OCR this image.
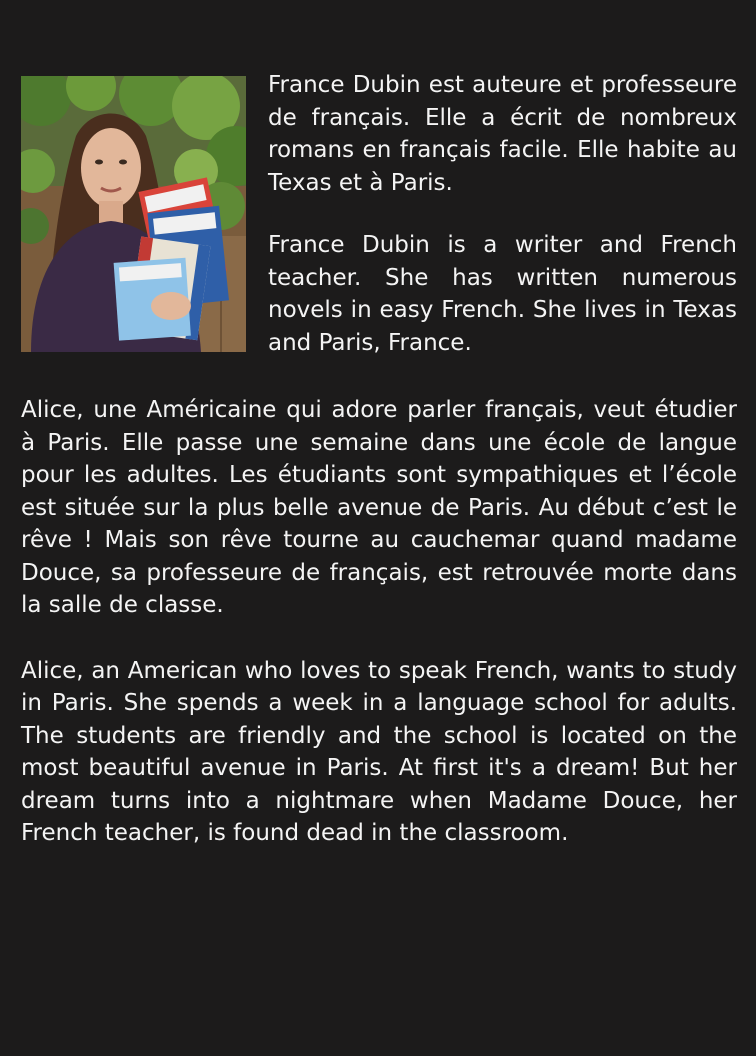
France Dubin est auteure et professeure de français. Elle a écrit de nombreux romans en français facile. Elle habite au Texas et à Paris.

France Dubin is a writer and French teacher. She has written numerous novels in easy French. She lives in Texas and Paris, France.

Alice, une Américaine qui adore parler français, veut étudier à Paris. Elle passe une semaine dans une école de langue pour les adultes. Les étudiants sont sympathiques et l’école est située sur la plus belle avenue de Paris. Au début c’est le rêve ! Mais son rêve tourne au cauchemar quand madame Douce, sa professeure de français, est retrouvée morte dans la salle de classe.

Alice, an American who loves to speak French, wants to study in Paris. She spends a week in a language school for adults. The students are friendly and the school is located on the most beautiful avenue in Paris. At first it's a dream! But her dream turns into a nightmare when Madame Douce, her French teacher, is found dead in the classroom.
